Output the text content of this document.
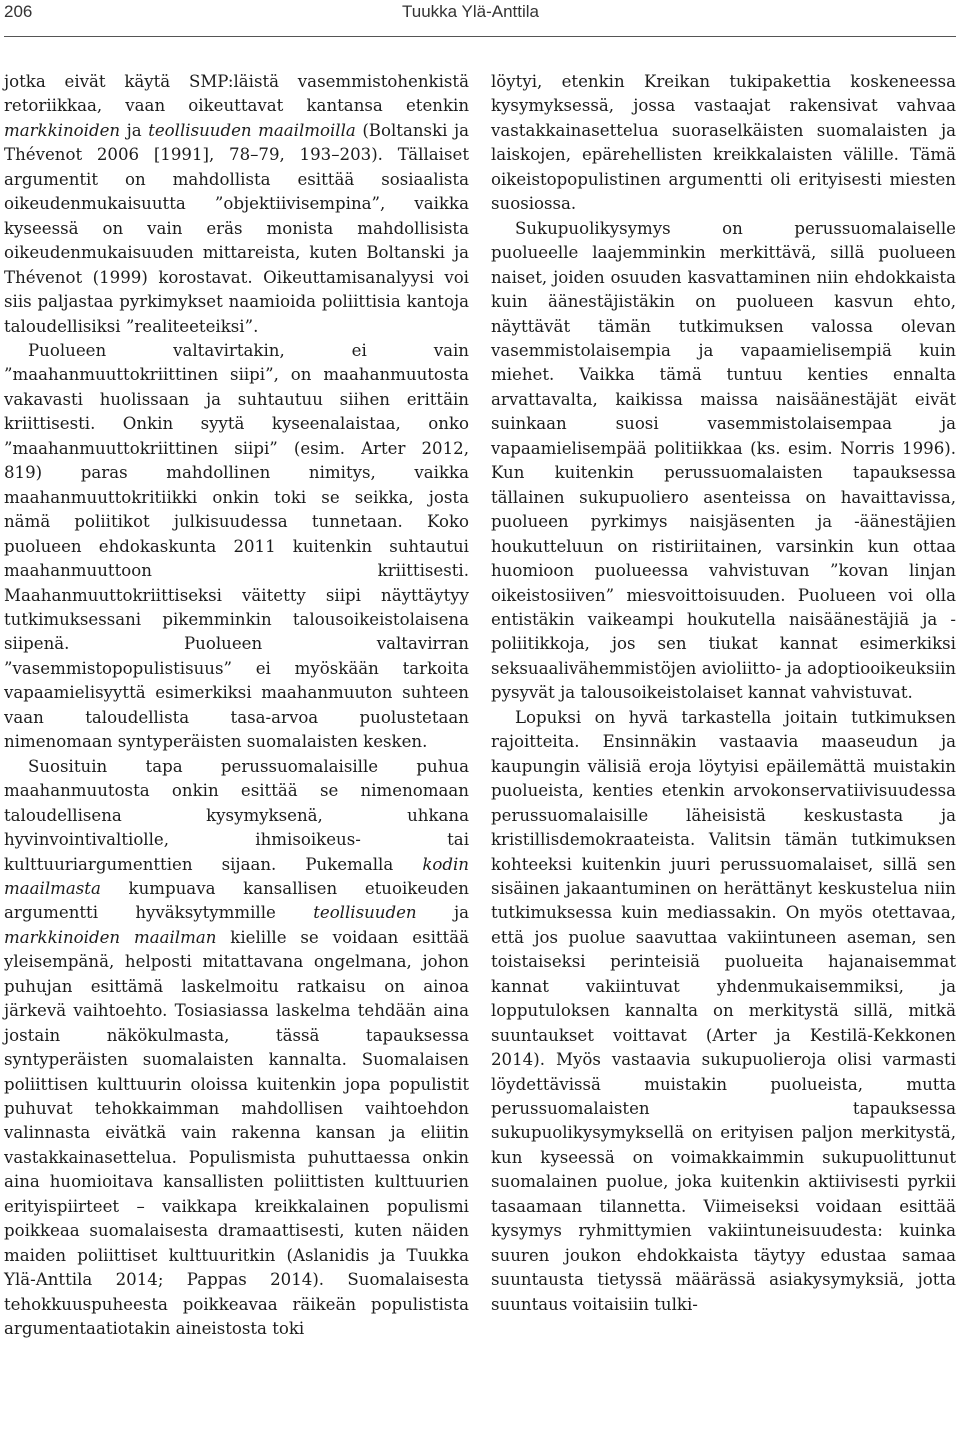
206	Tuukka Ylä-Anttila

jotka eivät käytä SMP:läistä vasemmistohenkistä retoriikkaa, vaan oikeuttavat kantansa etenkin markkinoiden ja teollisuuden maailmoilla (Boltanski ja Thévenot 2006 [1991], 78–79, 193–203). Tällaiset argumentit on mahdollista esittää sosiaalista oikeudenmukaisuutta ”objektiivisempina”, vaikka kyseessä on vain eräs monista mahdollisista oikeudenmukaisuuden mittareista, kuten Boltanski ja Thévenot (1999) korostavat. Oikeuttamisanalyysi voi siis paljastaa pyrkimykset naamioida poliittisia kantoja taloudellisiksi ”realiteeteiksi”.

Puolueen valtavirtakin, ei vain ”maahanmuuttokriittinen siipi”, on maahanmuutosta vakavasti huolissaan ja suhtautuu siihen erittäin kriittisesti. Onkin syytä kyseenalaistaa, onko ”maahanmuuttokriittinen siipi” (esim. Arter 2012, 819) paras mahdollinen nimitys, vaikka maahanmuuttokritiikki onkin toki se seikka, josta nämä poliitikot julkisuudessa tunnetaan. Koko puolueen ehdokaskunta 2011 kuitenkin suhtautui maahanmuuttoon kriittisesti. Maahanmuuttokriittiseksi väitetty siipi näyttäytyy tutkimuksessani pikemminkin talousoikeistolaisena siipenä. Puolueen valtavirran ”vasemmistopopulistisuus” ei myöskään tarkoita vapaamielisyyttä esimerkiksi maahanmuuton suhteen vaan taloudellista tasa-arvoa puolustetaan nimenomaan syntyperäisten suomalaisten kesken.

Suosituin tapa perussuomalaisille puhua maahanmuutosta onkin esittää se nimenomaan taloudellisena kysymyksenä, uhkana hyvinvointivaltiolle, ihmisoikeus- tai kulttuuriargumenttien sijaan. Pukemalla kodin maailmasta kumpuava kansallisen etuoikeuden argumentti hyväksytymmille teollisuuden ja markkinoiden maailman kielille se voidaan esittää yleisempänä, helposti mitattavana ongelmana, johon puhujan esittämä laskelmoitu ratkaisu on ainoa järkevä vaihtoehto. Tosiasiassa laskelma tehdään aina jostain näkökulmasta, tässä tapauksessa syntyperäisten suomalaisten kannalta. Suomalaisen poliittisen kulttuurin oloissa kuitenkin jopa populistit puhuvat tehokkaimman mahdollisen vaihtoehdon valinnasta eivätkä vain rakenna kansan ja eliitin vastakkainasettelua. Populismista puhuttaessa onkin aina huomioitava kansallisten poliittisten kulttuurien erityispiirteet – vaikkapa kreikkalainen populismi poikkeaa suomalaisesta dramaattisesti, kuten näiden maiden poliittiset kulttuuritkin (Aslanidis ja Tuukka Ylä-Anttila 2014; Pappas 2014). Suomalaisesta tehokkuuspuheesta poikkeavaa räikeän populistista argumentaatiotakin aineistosta toki

löytyi, etenkin Kreikan tukipakettia koskeneessa kysymyksessä, jossa vastaajat rakensivat vahvaa vastakkainasettelua suoraselkäisten suomalaisten ja laiskojen, epärehellisten kreikkalaisten välille. Tämä oikeistopopulistinen argumentti oli erityisesti miesten suosiossa.

Sukupuolikysymys on perussuomalaiselle puolueelle laajemminkin merkittävä, sillä puolueen naiset, joiden osuuden kasvattaminen niin ehdokkaista kuin äänestäjistäkin on puolueen kasvun ehto, näyttävät tämän tutkimuksen valossa olevan vasemmistolaisempia ja vapaamielisempiä kuin miehet. Vaikka tämä tuntuu kenties ennalta arvattavalta, kaikissa maissa naisäänestäjät eivät suinkaan suosi vasemmistolaisempaa ja vapaamielisempää politiikkaa (ks. esim. Norris 1996). Kun kuitenkin perussuomalaisten tapauksessa tällainen sukupuoliero asenteissa on havaittavissa, puolueen pyrkimys naisjäsenten ja -äänestäjien houkutteluun on ristiriitainen, varsinkin kun ottaa huomioon puolueessa vahvistuvan ”kovan linjan oikeistosiiven” miesvoittoisuuden. Puolueen voi olla entistäkin vaikeampi houkutella naisäänestäjiä ja -poliitikkoja, jos sen tiukat kannat esimerkiksi seksuaalivähemmistöjen avioliitto- ja adoptiooikeuksiin pysyvät ja talousoikeistolaiset kannat vahvistuvat.

Lopuksi on hyvä tarkastella joitain tutkimuksen rajoitteita. Ensinnäkin vastaavia maaseudun ja kaupungin välisiä eroja löytyisi epäilemättä muistakin puolueista, kenties etenkin arvokonservatiivisuudessa perussuomalaisille läheisistä keskustasta ja kristillisdemokraateista. Valitsin tämän tutkimuksen kohteeksi kuitenkin juuri perussuomalaiset, sillä sen sisäinen jakaantuminen on herättänyt keskustelua niin tutkimuksessa kuin mediassakin. On myös otettavaa, että jos puolue saavuttaa vakiintuneen aseman, sen toistaiseksi perinteisiä puolueita hajanaisemmat kannat vakiintuvat yhdenmukaisemmiksi, ja lopputuloksen kannalta on merkitystä sillä, mitkä suuntaukset voittavat (Arter ja Kestilä-Kekkonen 2014). Myös vastaavia sukupuolieroja olisi varmasti löydettävissä muistakin puolueista, mutta perussuomalaisten tapauksessa sukupuolikysymyksellä on erityisen paljon merkitystä, kun kyseessä on voimakkaimmin sukupuolittunut suomalainen puolue, joka kuitenkin aktiivisesti pyrkii tasaamaan tilannetta. Viimeiseksi voidaan esittää kysymys ryhmittymien vakiintuneisuudesta: kuinka suuren joukon ehdokkaista täytyy edustaa samaa suuntausta tietyssä määrässä asiakysymyksiä, jotta suuntaus voitaisiin tulki-
